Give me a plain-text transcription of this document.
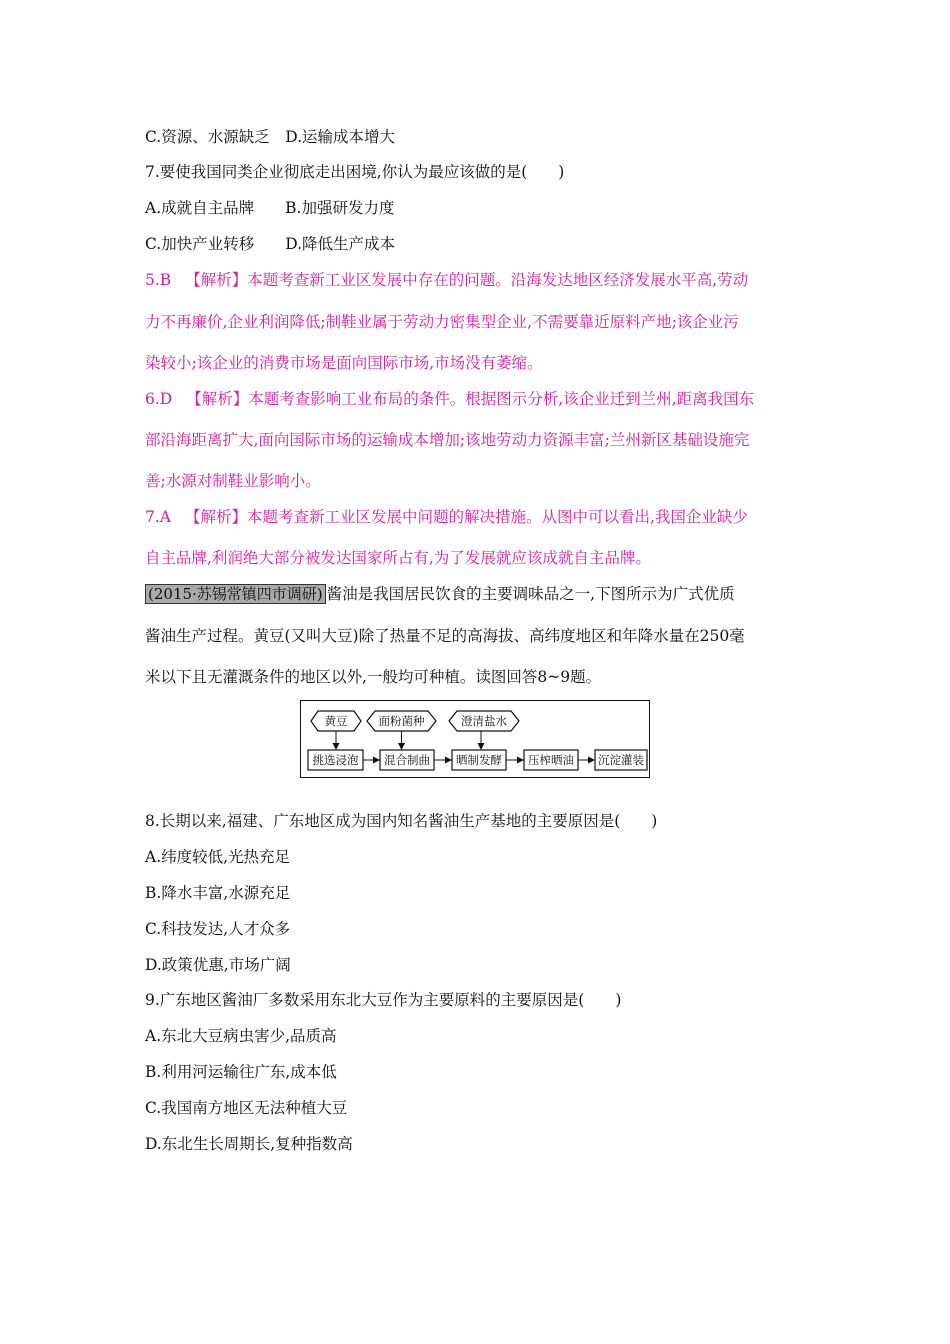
C.资源、水源缺乏　D.运输成本增大
7.要使我国同类企业彻底走出困境,你认为最应该做的是(　　)
A.成就自主品牌　　B.加强研发力度
C.加快产业转移　　D.降低生产成本
5.B 【解析】本题考查新工业区发展中存在的问题。沿海发达地区经济发展水平高,劳动
力不再廉价,企业利润降低;制鞋业属于劳动力密集型企业,不需要靠近原料产地;该企业污
染较小;该企业的消费市场是面向国际市场,市场没有萎缩。
6.D 【解析】本题考查影响工业布局的条件。根据图示分析,该企业迁到兰州,距离我国东
部沿海距离扩大,面向国际市场的运输成本增加;该地劳动力资源丰富;兰州新区基础设施完
善;水源对制鞋业影响小。
7.A 【解析】本题考查新工业区发展中问题的解决措施。从图中可以看出,我国企业缺少
自主品牌,利润绝大部分被发达国家所占有,为了发展就应该成就自主品牌。
(2015·苏锡常镇四市调研) 酱油是我国居民饮食的主要调味品之一,下图所示为广式优质
酱油生产过程。黄豆(又叫大豆)除了热量不足的高海拔、高纬度地区和年降水量在250毫
米以下且无灌溉条件的地区以外,一般均可种植。读图回答8~9题。
黄豆	面粉菌种	澄清盐水
挑选浸泡 混合制曲 晒制发酵 压榨晒油 沉淀灌装
8.长期以来,福建、广东地区成为国内知名酱油生产基地的主要原因是(　　)
A.纬度较低,光热充足
B.降水丰富,水源充足
C.科技发达,人才众多
D.政策优惠,市场广阔
9.广东地区酱油厂多数采用东北大豆作为主要原料的主要原因是(　　)
A.东北大豆病虫害少,品质高
B.利用河运输往广东,成本低
C.我国南方地区无法种植大豆
D.东北生长周期长,复种指数高
